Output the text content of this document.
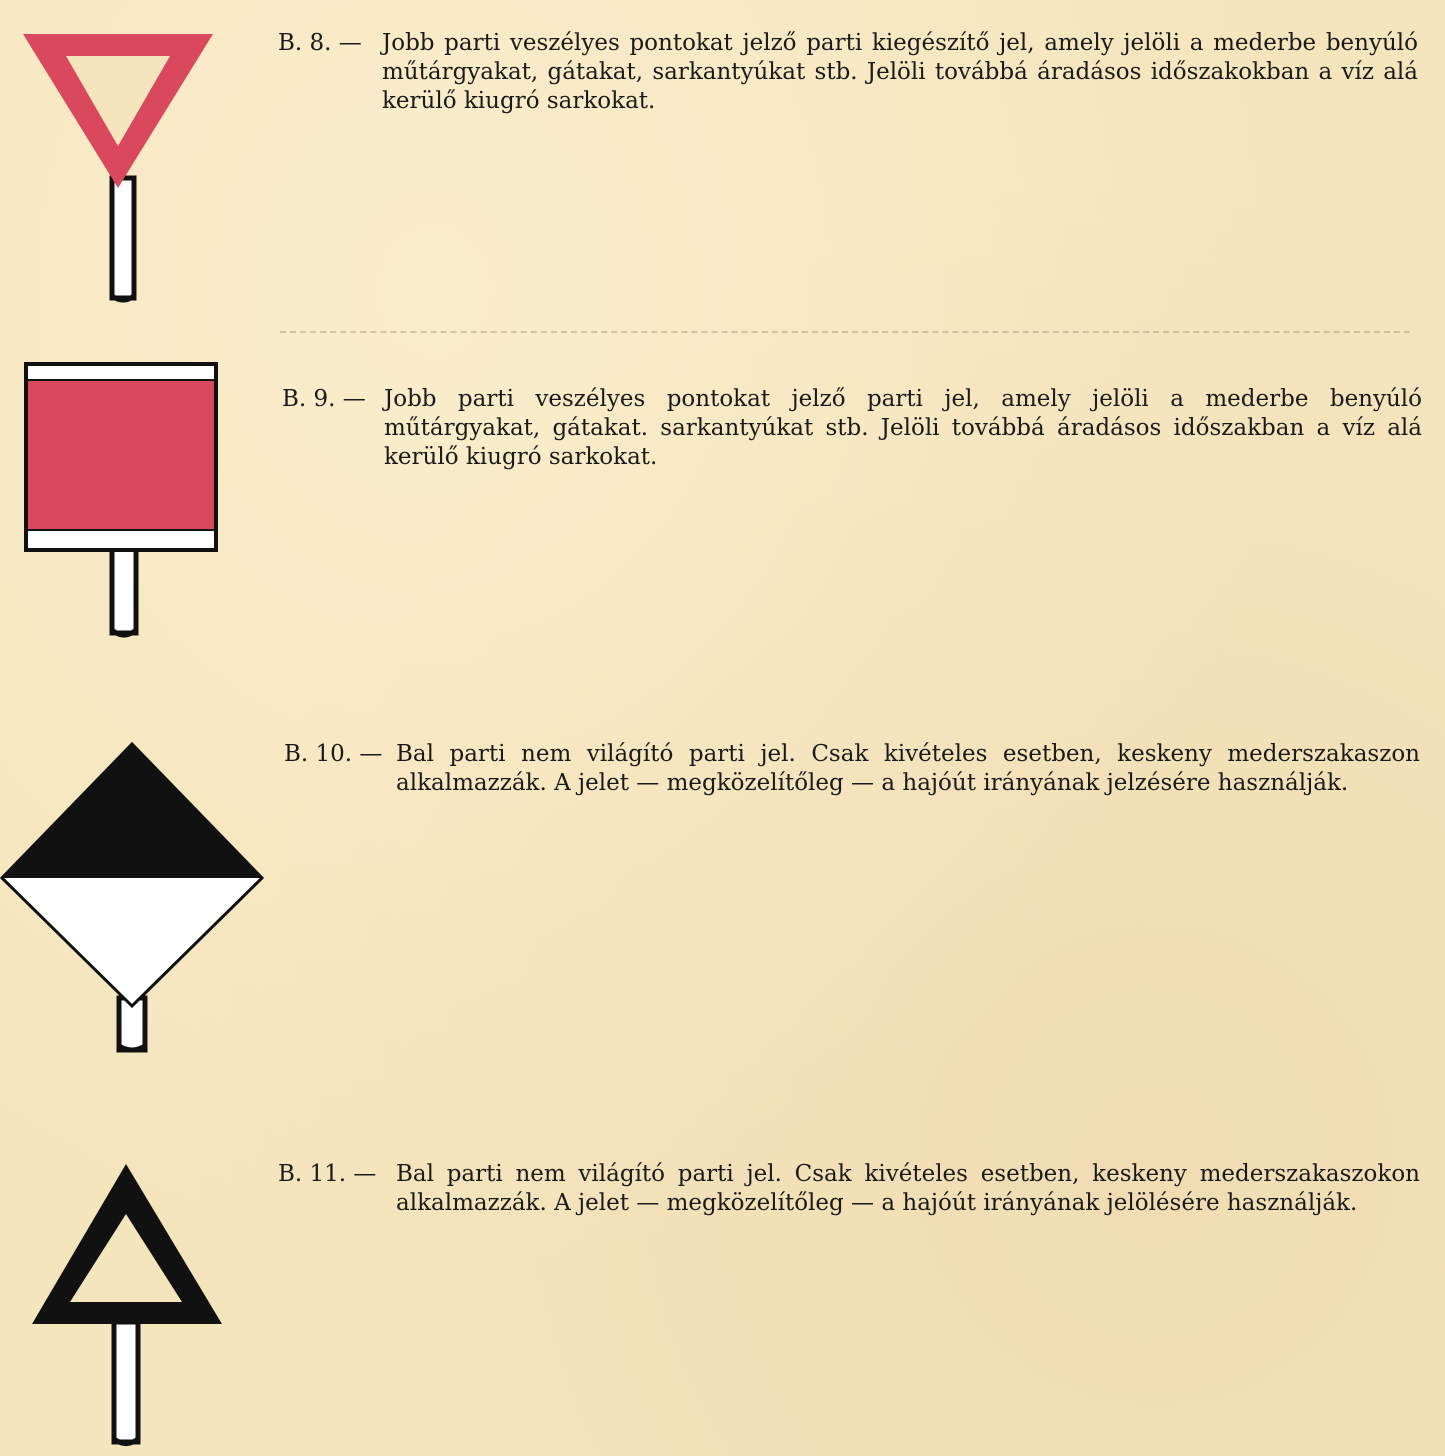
B. 8. — Jobb parti veszélyes pontokat jelző parti kiegészítő jel, amely jelöli a mederbe benyúló műtárgyakat, gátakat, sarkantyúkat stb. Jelöli továbbá áradásos időszakokban a víz alá kerülő kiugró sarkokat.
B. 9. — Jobb parti veszélyes pontokat jelző parti jel, amely jelöli a mederbe benyúló műtárgyakat, gátakat. sarkantyúkat stb. Jelöli továbbá áradásos időszakban a víz alá kerülő kiugró sarkokat.
B. 10. — Bal parti nem világító parti jel. Csak kivételes esetben, keskeny mederszakaszon alkalmazzák. A jelet — megközelítőleg — a hajóút irányának jelzésére használják.
B. 11. — Bal parti nem világító parti jel. Csak kivételes esetben, keskeny mederszakaszokon alkalmazzák. A jelet — megközelítőleg — a hajóút irányának jelölésére használják.
